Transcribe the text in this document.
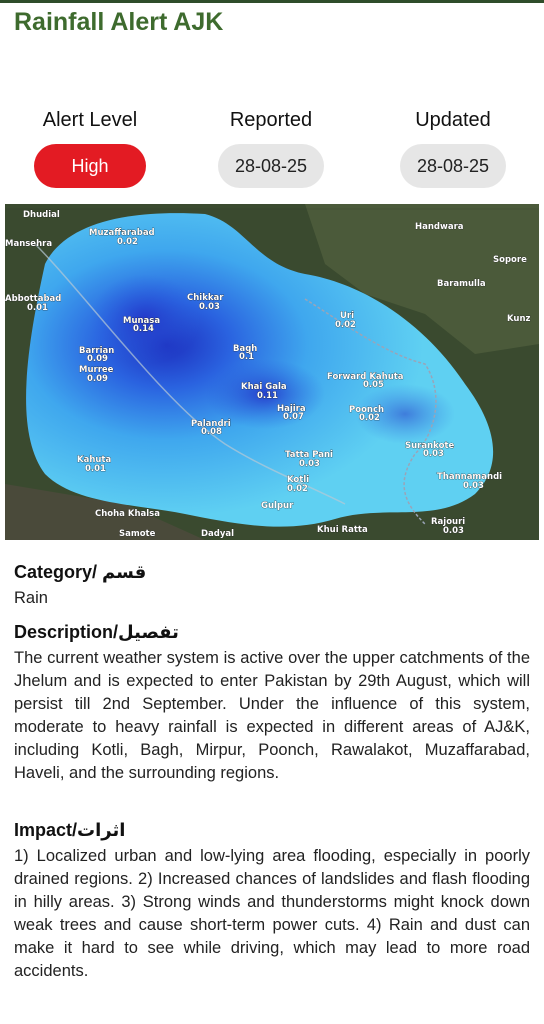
Rainfall Alert AJK
Alert Level
High
Reported
28-08-25
Updated
28-08-25
Dhudial
Muzaffarabad
0.02
Mansehra
Handwara
Sopore
Baramulla
Abbottabad
0.01
Chikkar
0.03
Munasa
0.14
Uri
0.02
Kunz
Barrian
0.09
Bagh
0.1
Murree
0.09	Forward Kahuta
0.05
Khai Gala
0.11
Hajira
0.07
Poonch
0.02
Palandri
0.08
Surankote
0.03
Tatta Pani
0.03
Kahuta
0.01
Kotli
0.02
Thannamandi
0.03
Gulpur
Choha Khalsa
Samote	Dadyal	Khui Ratta
Rajouri
0.03
Category/ قسم
Rain
Description/تفصیل
The current weather system is active over the upper catchments of the Jhelum and is expected to enter Pakistan by 29th August, which will persist till 2nd September. Under the influence of this system, moderate to heavy rainfall is expected in different areas of AJ&K, including Kotli, Bagh, Mirpur, Poonch, Rawalakot, Muzaffarabad, Haveli, and the surrounding regions.
Impact/اثرات
1) Localized urban and low-lying area flooding, especially in poorly drained regions. 2) Increased chances of landslides and flash flooding in hilly areas. 3) Strong winds and thunderstorms might knock down weak trees and cause short-term power cuts. 4) Rain and dust can make it hard to see while driving, which may lead to more road accidents.
